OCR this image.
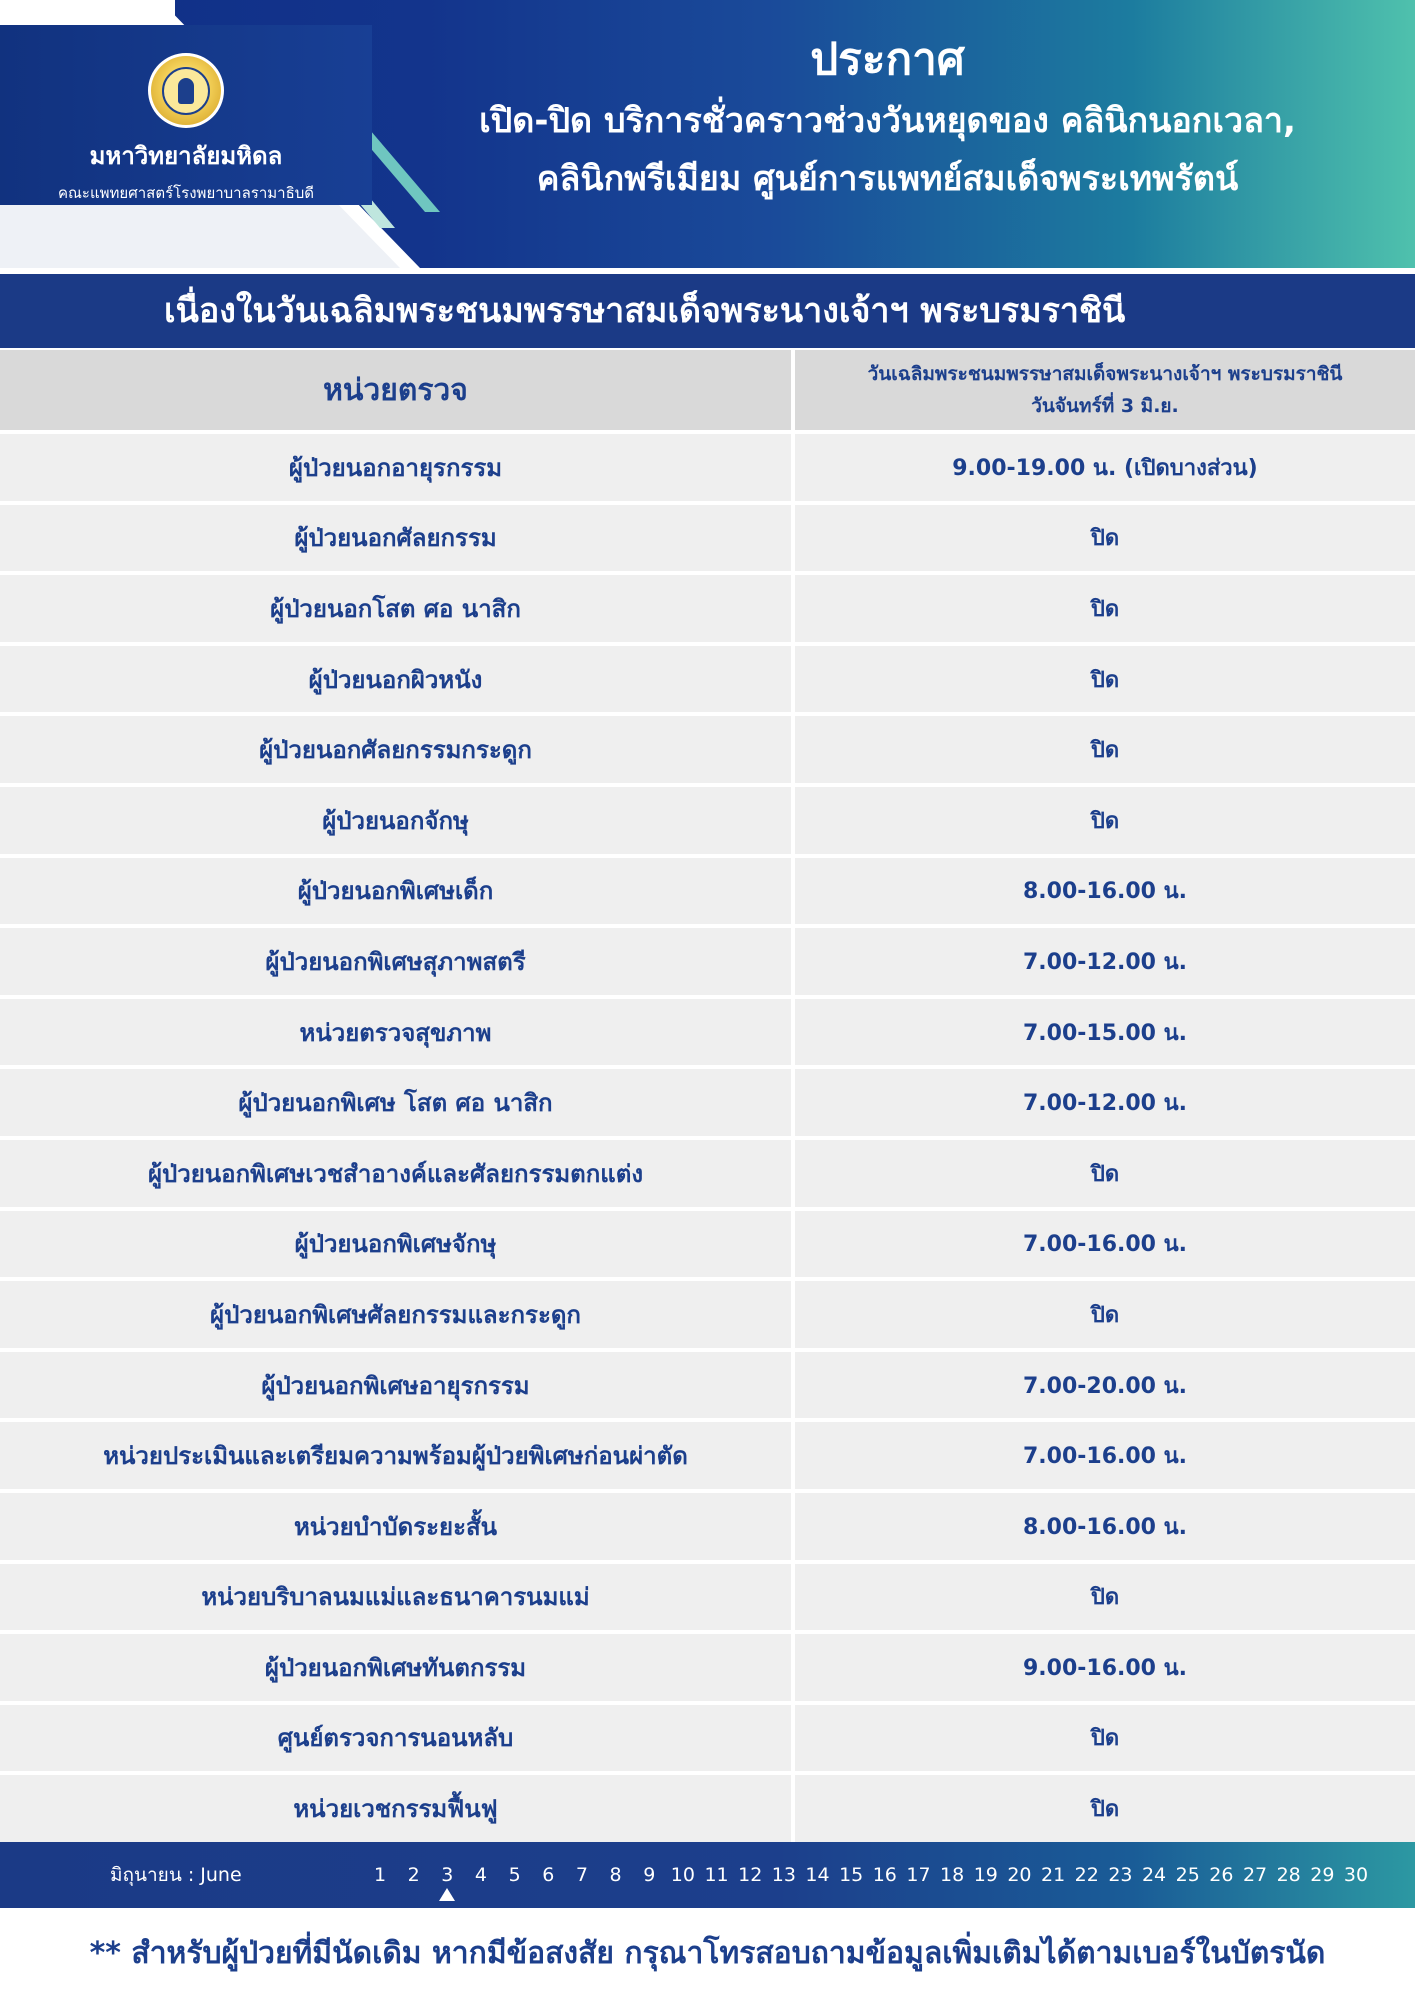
มหาวิทยาลัยมหิดล
คณะแพทยศาสตร์โรงพยาบาลรามาธิบดี
ประกาศ
เปิด-ปิด บริการชั่วคราวช่วงวันหยุดของ คลินิกนอกเวลา,
คลินิกพรีเมียม ศูนย์การแพทย์สมเด็จพระเทพรัตน์
เนื่องในวันเฉลิมพระชนมพรรษาสมเด็จพระนางเจ้าฯ พระบรมราชินี
หน่วยตรวจ	วันเฉลิมพระชนมพรรษาสมเด็จพระนางเจ้าฯ พระบรมราชินี
วันจันทร์ที่ 3 มิ.ย.
ผู้ป่วยนอกอายุรกรรม	9.00-19.00 น. (เปิดบางส่วน)
ผู้ป่วยนอกศัลยกรรม	ปิด
ผู้ป่วยนอกโสต ศอ นาสิก	ปิด
ผู้ป่วยนอกผิวหนัง	ปิด
ผู้ป่วยนอกศัลยกรรมกระดูก	ปิด
ผู้ป่วยนอกจักษุ	ปิด
ผู้ป่วยนอกพิเศษเด็ก	8.00-16.00 น.
ผู้ป่วยนอกพิเศษสุภาพสตรี	7.00-12.00 น.
หน่วยตรวจสุขภาพ	7.00-15.00 น.
ผู้ป่วยนอกพิเศษ โสต ศอ นาสิก	7.00-12.00 น.
ผู้ป่วยนอกพิเศษเวชสำอางค์และศัลยกรรมตกแต่ง	ปิด
ผู้ป่วยนอกพิเศษจักษุ	7.00-16.00 น.
ผู้ป่วยนอกพิเศษศัลยกรรมและกระดูก	ปิด
ผู้ป่วยนอกพิเศษอายุรกรรม	7.00-20.00 น.
หน่วยประเมินและเตรียมความพร้อมผู้ป่วยพิเศษก่อนผ่าตัด	7.00-16.00 น.
หน่วยบำบัดระยะสั้น	8.00-16.00 น.
หน่วยบริบาลนมแม่และธนาคารนมแม่	ปิด
ผู้ป่วยนอกพิเศษทันตกรรม	9.00-16.00 น.
ศูนย์ตรวจการนอนหลับ	ปิด
หน่วยเวชกรรมฟื้นฟู	ปิด
มิถุนายน : June	1	2	3	4	5	6	7	8	9 10 11 12 13 14 15 16 17 18 19 20 21 22 23 24 25 26 27 28 29 30
** สำหรับผู้ป่วยที่มีนัดเดิม หากมีข้อสงสัย กรุณาโทรสอบถามข้อมูลเพิ่มเติมได้ตามเบอร์ในบัตรนัด
